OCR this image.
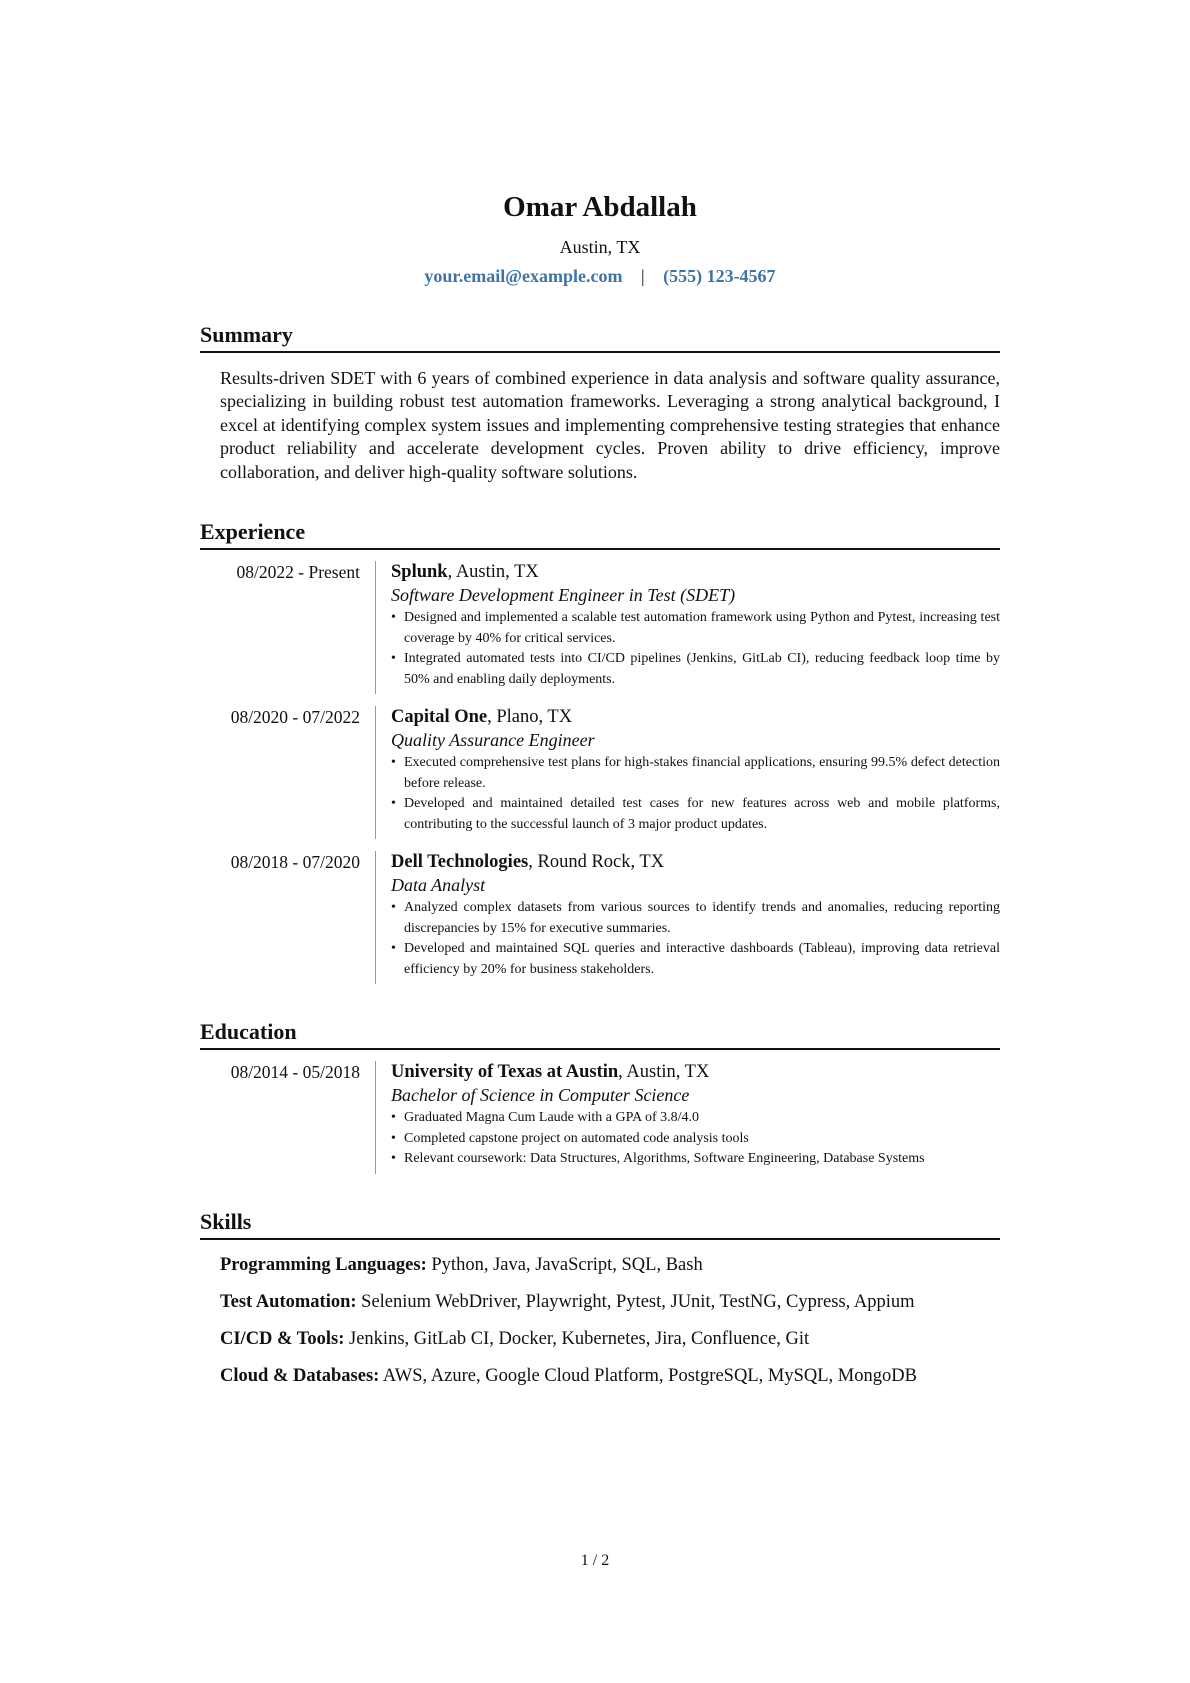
Omar Abdallah
Austin, TX
your.email@example.com | (555) 123-4567
Summary
Results-driven SDET with 6 years of combined experience in data analysis and software quality assurance, specializing in building robust test automation frameworks. Leveraging a strong analytical background, I excel at identifying complex system issues and implementing comprehensive testing strategies that enhance product reliability and accelerate development cycles. Proven ability to drive efficiency, improve collaboration, and deliver high-quality software solutions.
Experience
08/2022 - Present	Splunk, Austin, TX
Software Development Engineer in Test (SDET)
• Designed and implemented a scalable test automation framework using Python and Pytest, increasing test coverage by 40% for critical services.
• Integrated automated tests into CI/CD pipelines (Jenkins, GitLab CI), reducing feedback loop time by 50% and enabling daily deployments.
08/2020 - 07/2022	Capital One, Plano, TX
Quality Assurance Engineer
• Executed comprehensive test plans for high-stakes financial applications, ensuring 99.5% defect detection before release.
• Developed and maintained detailed test cases for new features across web and mobile platforms, contributing to the successful launch of 3 major product updates.
08/2018 - 07/2020	Dell Technologies, Round Rock, TX
Data Analyst
• Analyzed complex datasets from various sources to identify trends and anomalies, reducing reporting discrepancies by 15% for executive summaries.
• Developed and maintained SQL queries and interactive dashboards (Tableau), improving data retrieval efficiency by 20% for business stakeholders.
Education
08/2014 - 05/2018	University of Texas at Austin, Austin, TX
Bachelor of Science in Computer Science
• Graduated Magna Cum Laude with a GPA of 3.8/4.0
• Completed capstone project on automated code analysis tools
• Relevant coursework: Data Structures, Algorithms, Software Engineering, Database Systems
Skills
Programming Languages: Python, Java, JavaScript, SQL, Bash
Test Automation: Selenium WebDriver, Playwright, Pytest, JUnit, TestNG, Cypress, Appium
CI/CD & Tools: Jenkins, GitLab CI, Docker, Kubernetes, Jira, Confluence, Git
Cloud & Databases: AWS, Azure, Google Cloud Platform, PostgreSQL, MySQL, MongoDB
1 / 2
